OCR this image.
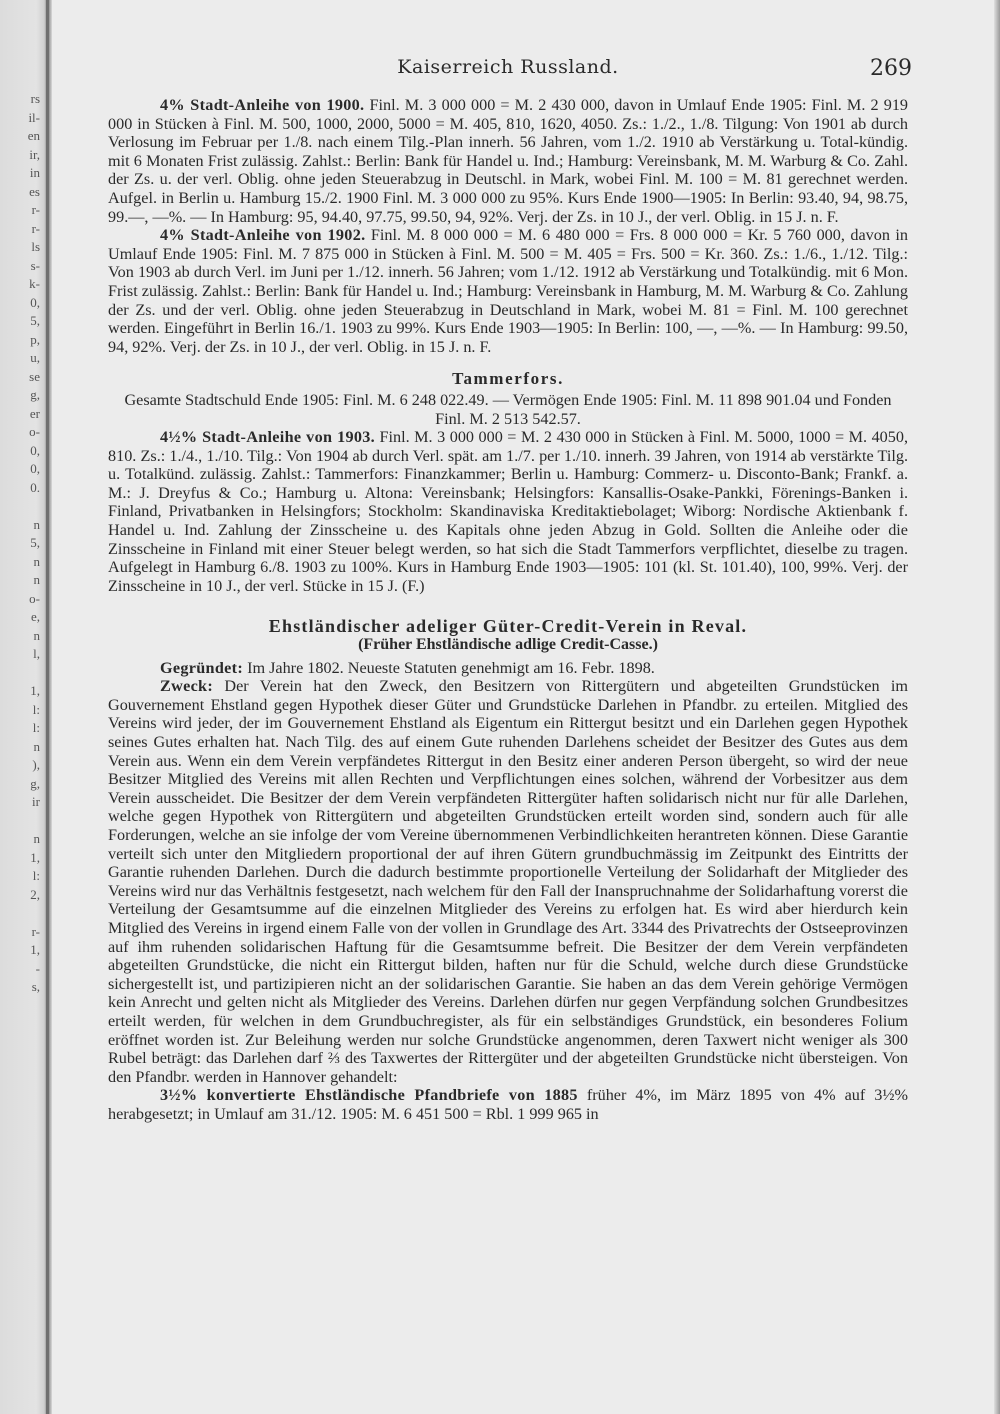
rs
il-
en
ir,
in
es
r-
r-
ls
s-
k-
0,
5,
p,
u,
se
g,
er
o-
0,
0,
0.
n
5,
n
n
o-
e,
n
l,
1,
l:
l:
n
),
g,
ir
n
1,
l:
2,
r-
1,
-
s,
Kaiserreich Russland.	269

4% Stadt-Anleihe von 1900. Finl. M. 3 000 000 = M. 2 430 000, davon in Umlauf Ende 1905: Finl. M. 2 919 000 in Stücken à Finl. M. 500, 1000, 2000, 5000 = M. 405, 810, 1620, 4050. Zs.: 1./2., 1./8. Tilgung: Von 1901 ab durch Verlosung im Februar per 1./8. nach einem Tilg.-Plan innerh. 56 Jahren, vom 1./2. 1910 ab Verstärkung u. Total-kündig. mit 6 Monaten Frist zulässig. Zahlst.: Berlin: Bank für Handel u. Ind.; Hamburg: Vereinsbank, M. M. Warburg & Co. Zahl. der Zs. u. der verl. Oblig. ohne jeden Steuerabzug in Deutschl. in Mark, wobei Finl. M. 100 = M. 81 gerechnet werden. Aufgel. in Berlin u. Hamburg 15./2. 1900 Finl. M. 3 000 000 zu 95%. Kurs Ende 1900—1905: In Berlin: 93.40, 94, 98.75, 99.—, —%. — In Hamburg: 95, 94.40, 97.75, 99.50, 94, 92%. Verj. der Zs. in 10 J., der verl. Oblig. in 15 J. n. F.

4% Stadt-Anleihe von 1902. Finl. M. 8 000 000 = M. 6 480 000 = Frs. 8 000 000 = Kr. 5 760 000, davon in Umlauf Ende 1905: Finl. M. 7 875 000 in Stücken à Finl. M. 500 = M. 405 = Frs. 500 = Kr. 360. Zs.: 1./6., 1./12. Tilg.: Von 1903 ab durch Verl. im Juni per 1./12. innerh. 56 Jahren; vom 1./12. 1912 ab Verstärkung und Totalkündig. mit 6 Mon. Frist zulässig. Zahlst.: Berlin: Bank für Handel u. Ind.; Hamburg: Vereinsbank in Hamburg, M. M. Warburg & Co. Zahlung der Zs. und der verl. Oblig. ohne jeden Steuerabzug in Deutschland in Mark, wobei M. 81 = Finl. M. 100 gerechnet werden. Eingeführt in Berlin 16./1. 1903 zu 99%. Kurs Ende 1903—1905: In Berlin: 100, —, —%. — In Hamburg: 99.50, 94, 92%. Verj. der Zs. in 10 J., der verl. Oblig. in 15 J. n. F.

Tammerfors.

Gesamte Stadtschuld Ende 1905: Finl. M. 6 248 022.49. — Vermögen Ende 1905: Finl. M. 11 898 901.04 und Fonden Finl. M. 2 513 542.57.

4½% Stadt-Anleihe von 1903. Finl. M. 3 000 000 = M. 2 430 000 in Stücken à Finl. M. 5000, 1000 = M. 4050, 810. Zs.: 1./4., 1./10. Tilg.: Von 1904 ab durch Verl. spät. am 1./7. per 1./10. innerh. 39 Jahren, von 1914 ab verstärkte Tilg. u. Totalkünd. zulässig. Zahlst.: Tammerfors: Finanzkammer; Berlin u. Hamburg: Commerz- u. Disconto-Bank; Frankf. a. M.: J. Dreyfus & Co.; Hamburg u. Altona: Vereinsbank; Helsingfors: Kansallis-Osake-Pankki, Förenings-Banken i. Finland, Privatbanken in Helsingfors; Stockholm: Skandinaviska Kreditaktiebolaget; Wiborg: Nordische Aktienbank f. Handel u. Ind. Zahlung der Zinsscheine u. des Kapitals ohne jeden Abzug in Gold. Sollten die Anleihe oder die Zinsscheine in Finland mit einer Steuer belegt werden, so hat sich die Stadt Tammerfors verpflichtet, dieselbe zu tragen. Aufgelegt in Hamburg 6./8. 1903 zu 100%. Kurs in Hamburg Ende 1903—1905: 101 (kl. St. 101.40), 100, 99%. Verj. der Zinsscheine in 10 J., der verl. Stücke in 15 J. (F.)

Ehstländischer adeliger Güter-Credit-Verein in Reval.
(Früher Ehstländische adlige Credit-Casse.)

Gegründet: Im Jahre 1802. Neueste Statuten genehmigt am 16. Febr. 1898.

Zweck: Der Verein hat den Zweck, den Besitzern von Rittergütern und abgeteilten Grundstücken im Gouvernement Ehstland gegen Hypothek dieser Güter und Grundstücke Darlehen in Pfandbr. zu erteilen. Mitglied des Vereins wird jeder, der im Gouvernement Ehstland als Eigentum ein Rittergut besitzt und ein Darlehen gegen Hypothek seines Gutes erhalten hat. Nach Tilg. des auf einem Gute ruhenden Darlehens scheidet der Besitzer des Gutes aus dem Verein aus. Wenn ein dem Verein verpfändetes Rittergut in den Besitz einer anderen Person übergeht, so wird der neue Besitzer Mitglied des Vereins mit allen Rechten und Verpflichtungen eines solchen, während der Vorbesitzer aus dem Verein ausscheidet. Die Besitzer der dem Verein verpfändeten Rittergüter haften solidarisch nicht nur für alle Darlehen, welche gegen Hypothek von Rittergütern und abgeteilten Grundstücken erteilt worden sind, sondern auch für alle Forderungen, welche an sie infolge der vom Vereine übernommenen Verbindlichkeiten herantreten können. Diese Garantie verteilt sich unter den Mitgliedern proportional der auf ihren Gütern grundbuchmässig im Zeitpunkt des Eintritts der Garantie ruhenden Darlehen. Durch die dadurch bestimmte proportionelle Verteilung der Solidarhaft der Mitglieder des Vereins wird nur das Verhältnis festgesetzt, nach welchem für den Fall der Inanspruchnahme der Solidarhaftung vorerst die Verteilung der Gesamtsumme auf die einzelnen Mitglieder des Vereins zu erfolgen hat. Es wird aber hierdurch kein Mitglied des Vereins in irgend einem Falle von der vollen in Grundlage des Art. 3344 des Privatrechts der Ostseeprovinzen auf ihm ruhenden solidarischen Haftung für die Gesamtsumme befreit. Die Besitzer der dem Verein verpfändeten abgeteilten Grundstücke, die nicht ein Rittergut bilden, haften nur für die Schuld, welche durch diese Grundstücke sichergestellt ist, und partizipieren nicht an der solidarischen Garantie. Sie haben an das dem Verein gehörige Vermögen kein Anrecht und gelten nicht als Mitglieder des Vereins. Darlehen dürfen nur gegen Verpfändung solchen Grundbesitzes erteilt werden, für welchen in dem Grundbuchregister, als für ein selbständiges Grundstück, ein besonderes Folium eröffnet worden ist. Zur Beleihung werden nur solche Grundstücke angenommen, deren Taxwert nicht weniger als 300 Rubel beträgt: das Darlehen darf ⅔ des Taxwertes der Rittergüter und der abgeteilten Grundstücke nicht übersteigen. Von den Pfandbr. werden in Hannover gehandelt:

3½% konvertierte Ehstländische Pfandbriefe von 1885 früher 4%, im März 1895 von 4% auf 3½% herabgesetzt; in Umlauf am 31./12. 1905: M. 6 451 500 = Rbl. 1 999 965 in
